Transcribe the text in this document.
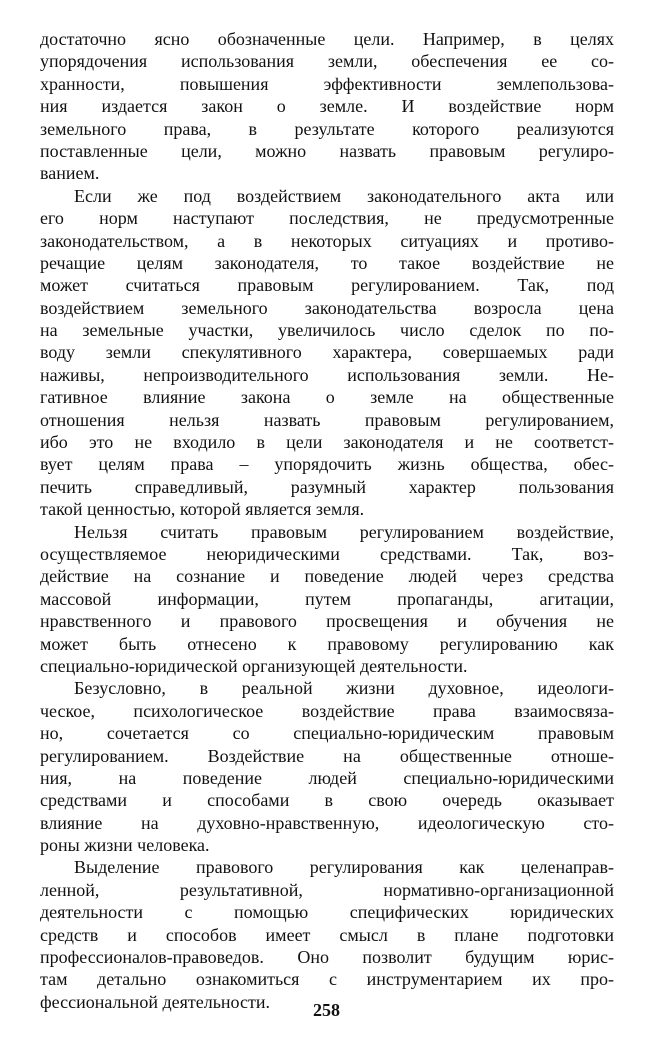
достаточно ясно обозначенные цели. Например, в целях
упорядочения использования земли, обеспечения ее со-
хранности, повышения эффективности землепользова-
ния издается закон о земле. И воздействие норм
земельного права, в результате которого реализуются
поставленные цели, можно назвать правовым регулиро-
ванием.
Если же под воздействием законодательного акта или
его норм наступают последствия, не предусмотренные
законодательством, а в некоторых ситуациях и противо-
речащие целям законодателя, то такое воздействие не
может считаться правовым регулированием. Так, под
воздействием земельного законодательства возросла цена
на земельные участки, увеличилось число сделок по по-
воду земли спекулятивного характера, совершаемых ради
наживы, непроизводительного использования земли. Не-
гативное влияние закона о земле на общественные
отношения нельзя назвать правовым регулированием,
ибо это не входило в цели законодателя и не соответст-
вует целям права – упорядочить жизнь общества, обес-
печить справедливый, разумный характер пользования
такой ценностью, которой является земля.
Нельзя считать правовым регулированием воздействие,
осуществляемое неюридическими средствами. Так, воз-
действие на сознание и поведение людей через средства
массовой информации, путем пропаганды, агитации,
нравственного и правового просвещения и обучения не
может быть отнесено к правовому регулированию как
специально-юридической организующей деятельности.
Безусловно, в реальной жизни духовное, идеологи-
ческое, психологическое воздействие права взаимосвяза-
но, сочетается со специально-юридическим правовым
регулированием. Воздействие на общественные отноше-
ния, на поведение людей специально-юридическими
средствами и способами в свою очередь оказывает
влияние на духовно-нравственную, идеологическую сто-
роны жизни человека.
Выделение правового регулирования как целенаправ-
ленной, результативной, нормативно-организационной
деятельности с помощью специфических юридических
средств и способов имеет смысл в плане подготовки
профессионалов-правоведов. Оно позволит будущим юрис-
там детально ознакомиться с инструментарием их про-
фессиональной деятельности.	258
